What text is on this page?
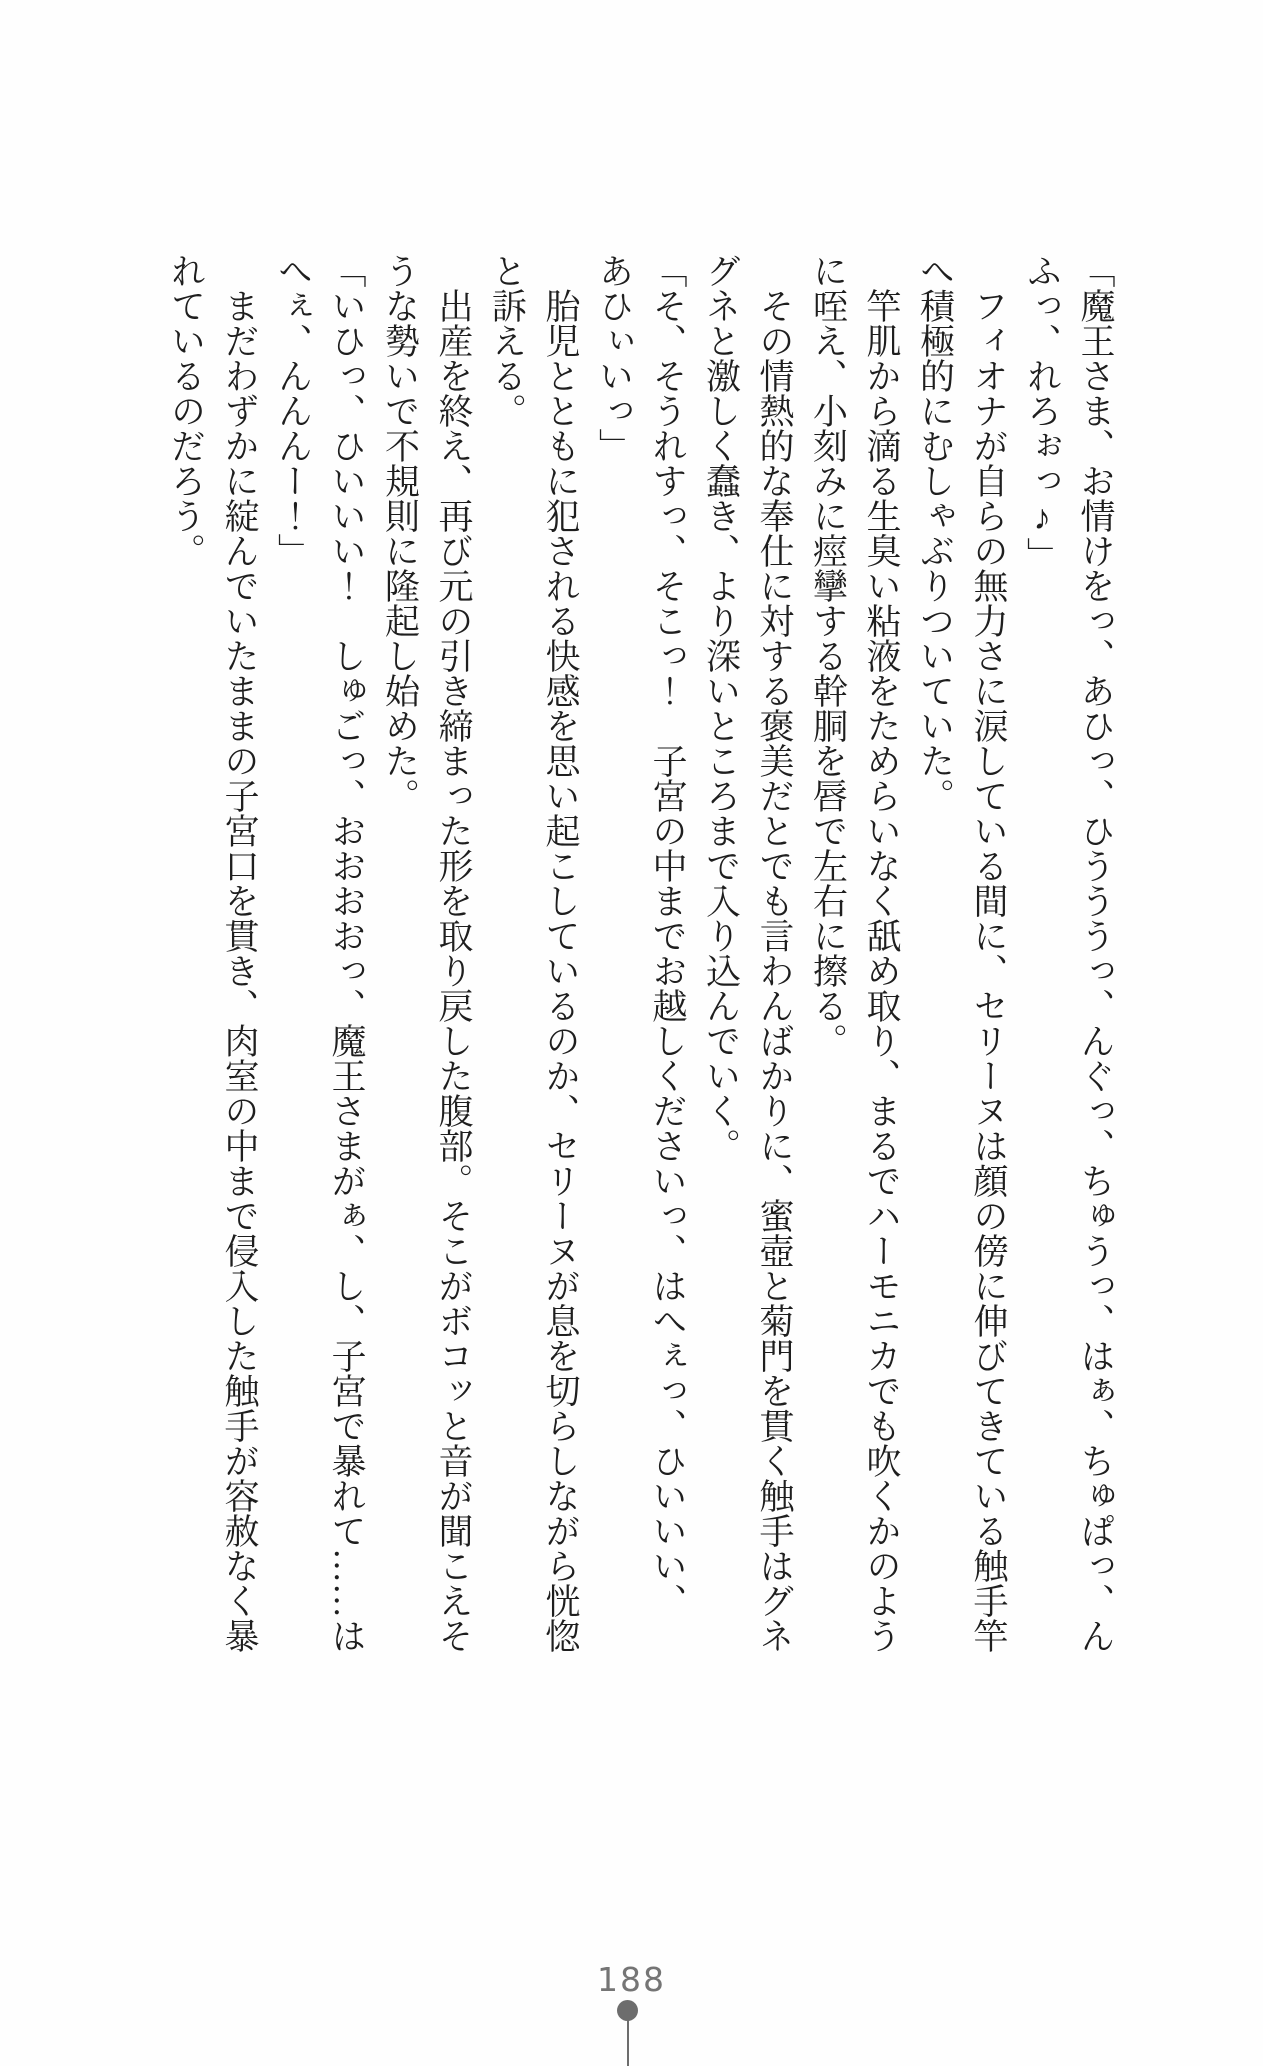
「魔王さま、お情けをっ、あひっ、ひうううっ、んぐっ、ちゅうっ、はぁ、ちゅぱっ、ん

ふっ、れろぉっ♪」

フィオナが自らの無力さに涙している間に、セリーヌは顔の傍に伸びてきている触手竿

へ積極的にむしゃぶりついていた。

竿肌から滴る生臭い粘液をためらいなく舐め取り、まるでハーモニカでも吹くかのよう

に咥え、小刻みに痙攣する幹胴を唇で左右に擦る。

その情熱的な奉仕に対する褒美だとでも言わんばかりに、蜜壺と菊門を貫く触手はグネ

グネと激しく蠢き、より深いところまで入り込んでいく。

「そ、そうれすっ、そこっ！　子宮の中までお越しくださいっ、はへぇっ、ひいいい、

あひぃいっ」

胎児とともに犯される快感を思い起こしているのか、セリーヌが息を切らしながら恍惚

と訴える。

出産を終え、再び元の引き締まった形を取り戻した腹部。そこがボコッと音が聞こえそ

うな勢いで不規則に隆起し始めた。

「いひっ、ひいいい！　しゅごっ、おおおおっ、魔王さまがぁ、し、子宮で暴れて……は

へぇ、んんんー！」

まだわずかに綻んでいたままの子宮口を貫き、肉室の中まで侵入した触手が容赦なく暴

れているのだろう。

188
